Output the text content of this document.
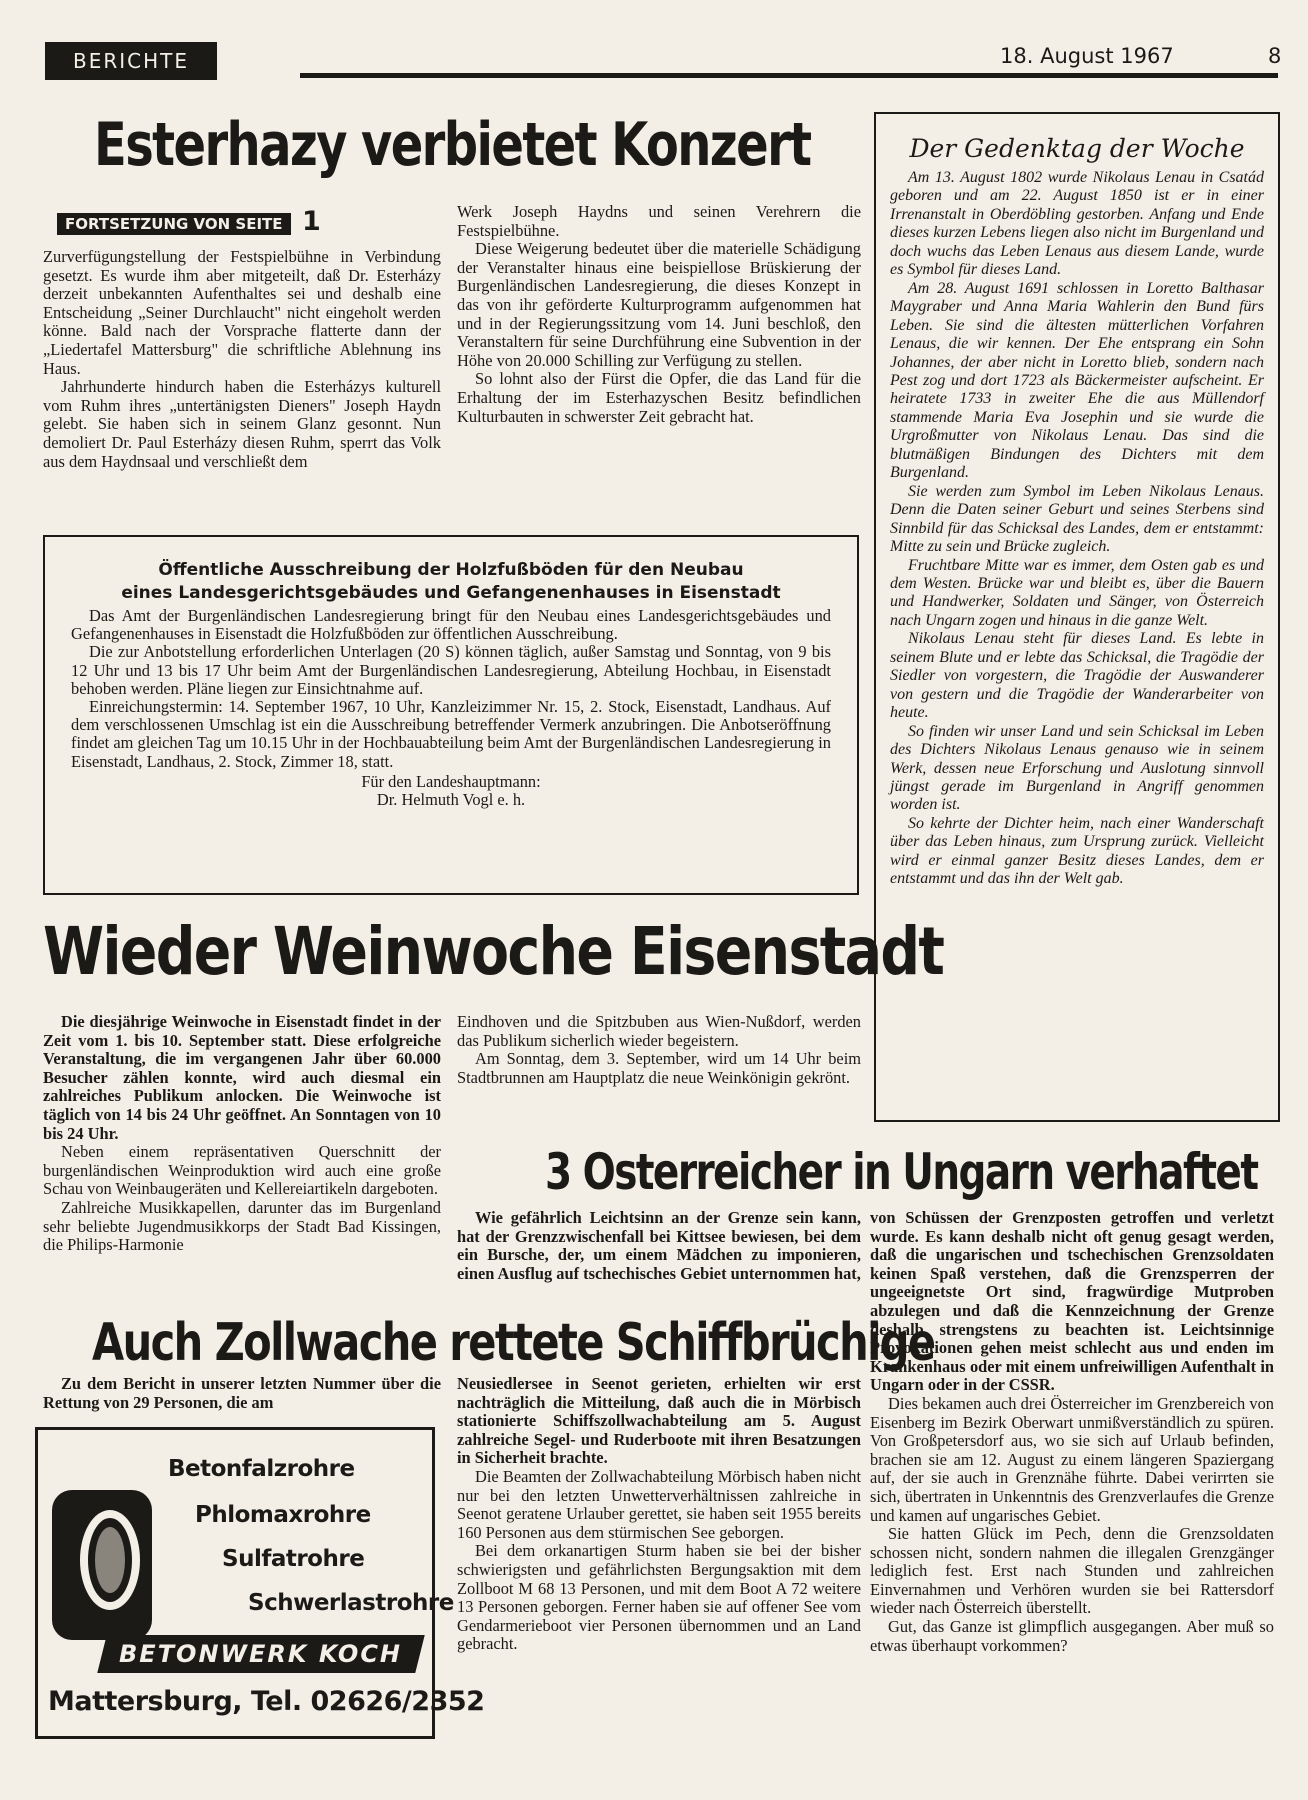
BERICHTE	18. August 1967	8
Esterhazy verbietet Konzert
FORTSETZUNG VON SEITE 1

Zurverfügungstellung der Festspielbühne in Verbindung gesetzt. Es wurde ihm aber mitgeteilt, daß Dr. Esterházy derzeit unbekannten Aufenthaltes sei und deshalb eine Entscheidung „Seiner Durchlaucht" nicht eingeholt werden könne. Bald nach der Vorsprache flatterte dann der „Liedertafel Mattersburg" die schriftliche Ablehnung ins Haus.

Jahrhunderte hindurch haben die Esterházys kulturell vom Ruhm ihres „untertänigsten Dieners" Joseph Haydn gelebt. Sie haben sich in seinem Glanz gesonnt. Nun demoliert Dr. Paul Esterházy diesen Ruhm, sperrt das Volk aus dem Haydnsaal und verschließt dem

Werk Joseph Haydns und seinen Verehrern die Festspielbühne.

Diese Weigerung bedeutet über die materielle Schädigung der Veranstalter hinaus eine beispiellose Brüskierung der Burgenländischen Landesregierung, die dieses Konzept in das von ihr geförderte Kulturprogramm aufgenommen hat und in der Regierungssitzung vom 14. Juni beschloß, den Veranstaltern für seine Durchführung eine Subvention in der Höhe von 20.000 Schilling zur Verfügung zu stellen.

So lohnt also der Fürst die Opfer, die das Land für die Erhaltung der im Esterhazyschen Besitz befindlichen Kulturbauten in schwerster Zeit gebracht hat.

Öffentliche Ausschreibung der Holzfußböden für den Neubau
eines Landesgerichtsgebäudes und Gefangenenhauses in Eisenstadt

Das Amt der Burgenländischen Landesregierung bringt für den Neubau eines Landesgerichtsgebäudes und Gefangenenhauses in Eisenstadt die Holzfußböden zur öffentlichen Ausschreibung.

Die zur Anbotstellung erforderlichen Unterlagen (20 S) können täglich, außer Samstag und Sonntag, von 9 bis 12 Uhr und 13 bis 17 Uhr beim Amt der Burgenländischen Landesregierung, Abteilung Hochbau, in Eisenstadt behoben werden. Pläne liegen zur Einsichtnahme auf.

Einreichungstermin: 14. September 1967, 10 Uhr, Kanzleizimmer Nr. 15, 2. Stock, Eisenstadt, Landhaus. Auf dem verschlossenen Umschlag ist ein die Ausschreibung betreffender Vermerk anzubringen. Die Anbotseröffnung findet am gleichen Tag um 10.15 Uhr in der Hochbauabteilung beim Amt der Burgenländischen Landesregierung in Eisenstadt, Landhaus, 2. Stock, Zimmer 18, statt.

Für den Landeshauptmann:
Dr. Helmuth Vogl e. h.
Der Gedenktag der Woche

Am 13. August 1802 wurde Nikolaus Lenau in Csatád geboren und am 22. August 1850 ist er in einer Irrenanstalt in Oberdöbling gestorben. Anfang und Ende dieses kurzen Lebens liegen also nicht im Burgenland und doch wuchs das Leben Lenaus aus diesem Lande, wurde es Symbol für dieses Land.

Am 28. August 1691 schlossen in Loretto Balthasar Maygraber und Anna Maria Wahlerin den Bund fürs Leben. Sie sind die ältesten mütterlichen Vorfahren Lenaus, die wir kennen. Der Ehe entsprang ein Sohn Johannes, der aber nicht in Loretto blieb, sondern nach Pest zog und dort 1723 als Bäckermeister aufscheint. Er heiratete 1733 in zweiter Ehe die aus Müllendorf stammende Maria Eva Josephin und sie wurde die Urgroßmutter von Nikolaus Lenau. Das sind die blutmäßigen Bindungen des Dichters mit dem Burgenland.

Sie werden zum Symbol im Leben Nikolaus Lenaus. Denn die Daten seiner Geburt und seines Sterbens sind Sinnbild für das Schicksal des Landes, dem er entstammt: Mitte zu sein und Brücke zugleich.

Fruchtbare Mitte war es immer, dem Osten gab es und dem Westen. Brücke war und bleibt es, über die Bauern und Handwerker, Soldaten und Sänger, von Österreich nach Ungarn zogen und hinaus in die ganze Welt.

Nikolaus Lenau steht für dieses Land. Es lebte in seinem Blute und er lebte das Schicksal, die Tragödie der Siedler von vorgestern, die Tragödie der Auswanderer von gestern und die Tragödie der Wanderarbeiter von heute.

So finden wir unser Land und sein Schicksal im Leben des Dichters Nikolaus Lenaus genauso wie in seinem Werk, dessen neue Erforschung und Auslotung sinnvoll jüngst gerade im Burgenland in Angriff genommen worden ist.

So kehrte der Dichter heim, nach einer Wanderschaft über das Leben hinaus, zum Ursprung zurück. Vielleicht wird er einmal ganzer Besitz dieses Landes, dem er entstammt und das ihn der Welt gab.

Wieder Weinwoche Eisenstadt

Die diesjährige Weinwoche in Eisenstadt findet in der Zeit vom 1. bis 10. September statt. Diese erfolgreiche Veranstaltung, die im vergangenen Jahr über 60.000 Besucher zählen konnte, wird auch diesmal ein zahlreiches Publikum anlocken. Die Weinwoche ist täglich von 14 bis 24 Uhr geöffnet. An Sonntagen von 10 bis 24 Uhr.

Neben einem repräsentativen Querschnitt der burgenländischen Weinproduktion wird auch eine große Schau von Weinbaugeräten und Kellereiartikeln dargeboten.

Zahlreiche Musikkapellen, darunter das im Burgenland sehr beliebte Jugendmusikkorps der Stadt Bad Kissingen, die Philips-Harmonie

Eindhoven und die Spitzbuben aus Wien-Nußdorf, werden das Publikum sicherlich wieder begeistern.

Am Sonntag, dem 3. September, wird um 14 Uhr beim Stadtbrunnen am Hauptplatz die neue Weinkönigin gekrönt.

3 Osterreicher in Ungarn verhaftet

Wie gefährlich Leichtsinn an der Grenze sein kann, hat der Grenzzwischenfall bei Kittsee bewiesen, bei dem ein Bursche, der, um einem Mädchen zu imponieren, einen Ausflug auf tschechisches Gebiet unternommen hat,

von Schüssen der Grenzposten getroffen und verletzt wurde. Es kann deshalb nicht oft genug gesagt werden, daß die ungarischen und tschechischen Grenzsoldaten keinen Spaß verstehen, daß die Grenzsperren der ungeeignetste Ort sind, fragwürdige Mutproben abzulegen und daß die Kennzeichnung der Grenze deshalb strengstens zu beachten ist. Leichtsinnige Provokationen gehen meist schlecht aus und enden im Krankenhaus oder mit einem unfreiwilligen Aufenthalt in Ungarn oder in der CSSR.

Dies bekamen auch drei Österreicher im Grenzbereich von Eisenberg im Bezirk Oberwart unmißverständlich zu spüren. Von Großpetersdorf aus, wo sie sich auf Urlaub befinden, brachen sie am 12. August zu einem längeren Spaziergang auf, der sie auch in Grenznähe führte. Dabei verirrten sie sich, übertraten in Unkenntnis des Grenzverlaufes die Grenze und kamen auf ungarisches Gebiet.

Sie hatten Glück im Pech, denn die Grenzsoldaten schossen nicht, sondern nahmen die illegalen Grenzgänger lediglich fest. Erst nach Stunden und zahlreichen Einvernahmen und Verhören wurden sie bei Rattersdorf wieder nach Österreich überstellt.

Gut, das Ganze ist glimpflich ausgegangen. Aber muß so etwas überhaupt vorkommen?

Auch Zollwache rettete Schiffbrüchige

Zu dem Bericht in unserer letzten Nummer über die Rettung von 29 Personen, die am

Neusiedlersee in Seenot gerieten, erhielten wir erst nachträglich die Mitteilung, daß auch die in Mörbisch stationierte Schiffszollwachabteilung am 5. August zahlreiche Segel- und Ruderboote mit ihren Besatzungen in Sicherheit brachte.

Die Beamten der Zollwachabteilung Mörbisch haben nicht nur bei den letzten Unwetterverhältnissen zahlreiche in Seenot geratene Urlauber gerettet, sie haben seit 1955 bereits 160 Personen aus dem stürmischen See geborgen.

Bei dem orkanartigen Sturm haben sie bei der bisher schwierigsten und gefährlichsten Bergungsaktion mit dem Zollboot M 68 13 Personen, und mit dem Boot A 72 weitere 13 Personen geborgen. Ferner haben sie auf offener See vom Gendarmerieboot vier Personen übernommen und an Land gebracht.

Betonfalzrohre
Phlomaxrohre
Sulfatrohre
Schwerlastrohre
BETONWERK KOCH
Mattersburg, Tel. 02626/2352
